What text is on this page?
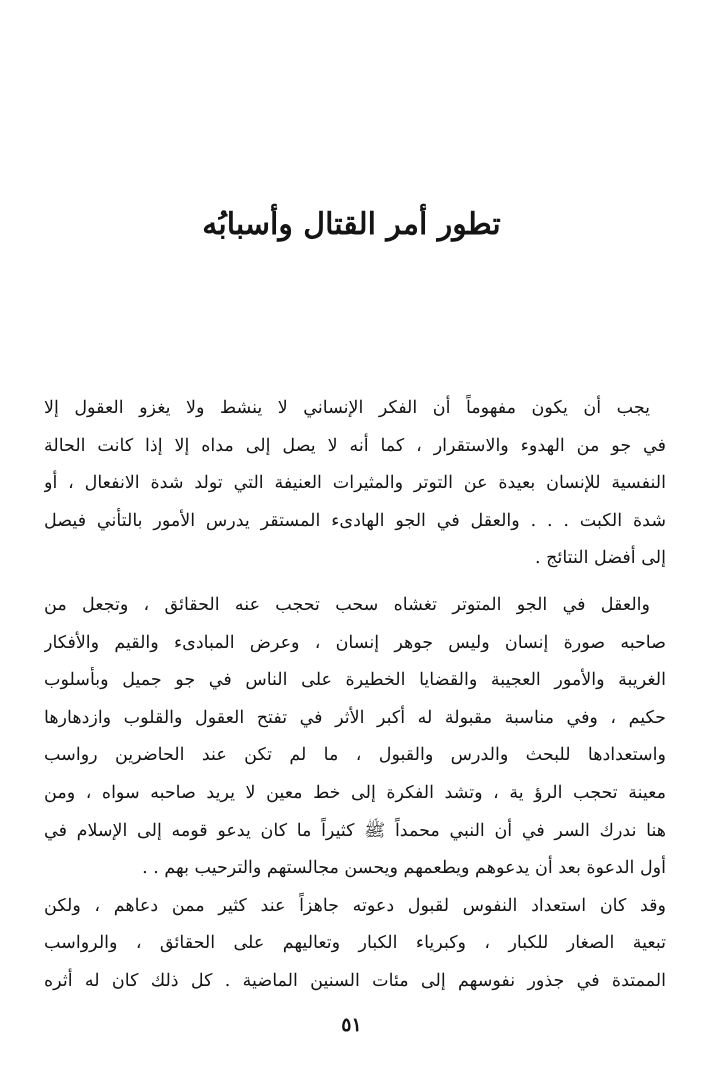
تطور أمر القتال وأسبابُه
يجب أن يكون مفهوماً أن الفكر الإنساني لا ينشط ولا يغزو العقول إلا
في جو من الهدوء والاستقرار ، كما أنه لا يصل إلى مداه إلا إذا كانت الحالة
النفسية للإنسان بعيدة عن التوتر والمثيرات العنيفة التي تولد شدة الانفعال ، أو
شدة الكبت . . . والعقل في الجو الهادىء المستقر يدرس الأمور بالتأني فيصل
إلى أفضل النتائج .
والعقل في الجو المتوتر تغشاه سحب تحجب عنه الحقائق ، وتجعل من
صاحبه صورة إنسان وليس جوهر إنسان ، وعرض المبادىء والقيم والأفكار
الغريبة والأمور العجيبة والقضايا الخطيرة على الناس في جو جميل وبأسلوب
حكيم ، وفي مناسبة مقبولة له أكبر الأثر في تفتح العقول والقلوب وازدهارها
واستعدادها للبحث والدرس والقبول ، ما لم تكن عند الحاضرين رواسب
معينة تحجب الرؤ ية ، وتشد الفكرة إلى خط معين لا يريد صاحبه سواه ، ومن
هنا ندرك السر في أن النبي محمداً ﷺ كثيراً ما كان يدعو قومه إلى الإسلام في
أول الدعوة بعد أن يدعوهم ويطعمهم ويحسن مجالستهم والترحيب بهم . .
وقد كان استعداد النفوس لقبول دعوته جاهزاً عند كثير ممن دعاهم ، ولكن
تبعية الصغار للكبار ، وكبرياء الكبار وتعاليهم على الحقائق ، والرواسب
الممتدة في جذور نفوسهم إلى مئات السنين الماضية . كل ذلك كان له أثره
٥١
